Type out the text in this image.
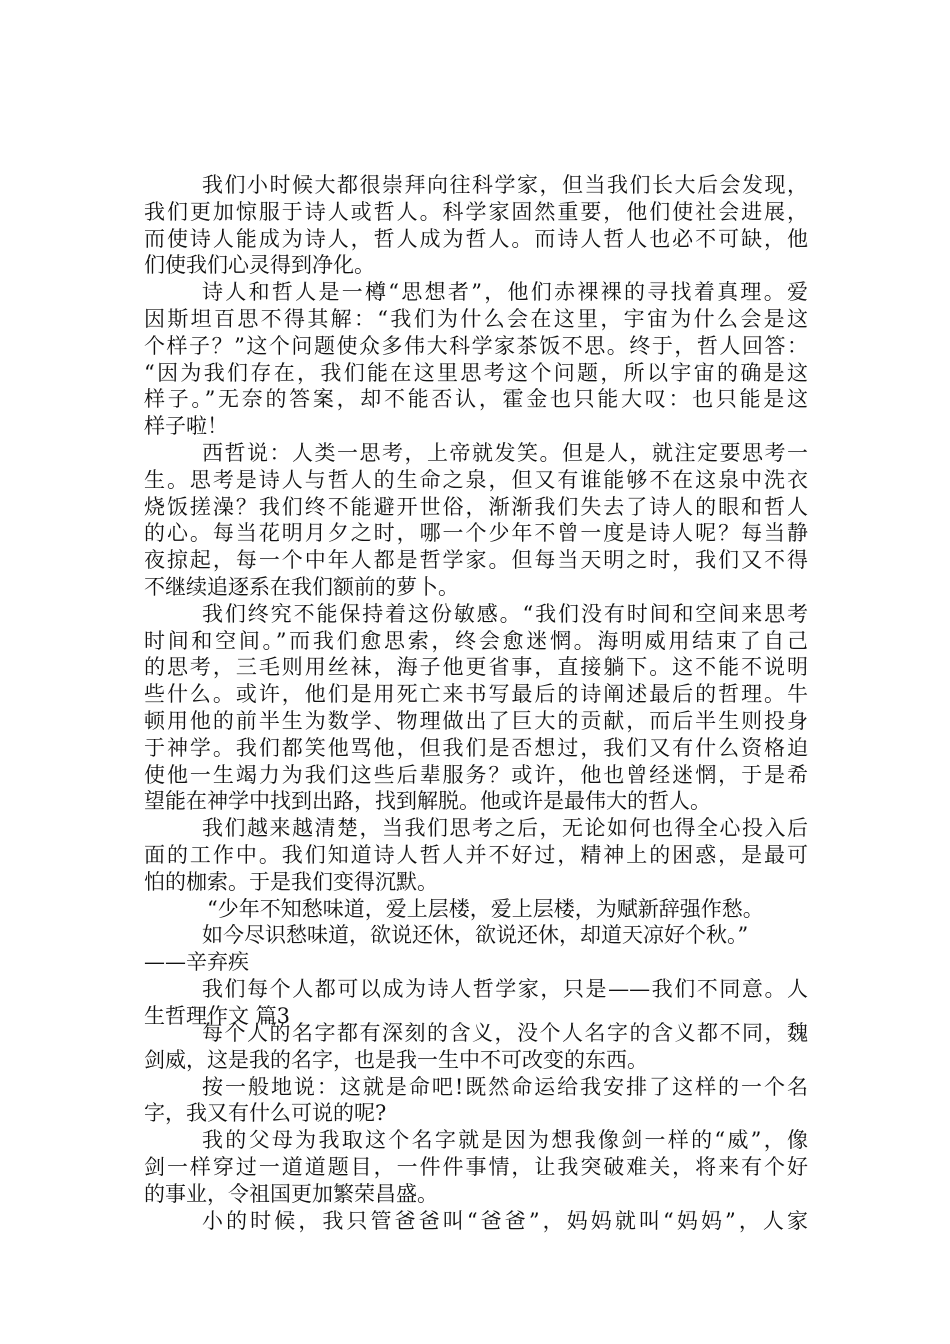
我们小时候大都很崇拜向往科学家，但当我们长大后会发现，
我们更加惊服于诗人或哲人。科学家固然重要，他们使社会进展，
而使诗人能成为诗人，哲人成为哲人。而诗人哲人也必不可缺，他
们使我们心灵得到净化。
诗人和哲人是一樽“思想者”，他们赤裸裸的寻找着真理。爱
因斯坦百思不得其解：“我们为什么会在这里，宇宙为什么会是这
个样子？”这个问题使众多伟大科学家茶饭不思。终于，哲人回答：
“因为我们存在，我们能在这里思考这个问题，所以宇宙的确是这
样子。”无奈的答案，却不能否认，霍金也只能大叹：也只能是这
样子啦！
西哲说：人类一思考，上帝就发笑。但是人，就注定要思考一
生。思考是诗人与哲人的生命之泉，但又有谁能够不在这泉中洗衣
烧饭搓澡？我们终不能避开世俗，渐渐我们失去了诗人的眼和哲人
的心。每当花明月夕之时，哪一个少年不曾一度是诗人呢？每当静
夜掠起，每一个中年人都是哲学家。但每当天明之时，我们又不得
不继续追逐系在我们额前的萝卜。
我们终究不能保持着这份敏感。“我们没有时间和空间来思考
时间和空间。”而我们愈思索，终会愈迷惘。海明威用结束了自己
的思考，三毛则用丝袜，海子他更省事，直接躺下。这不能不说明
些什么。或许，他们是用死亡来书写最后的诗阐述最后的哲理。牛
顿用他的前半生为数学、物理做出了巨大的贡献，而后半生则投身
于神学。我们都笑他骂他，但我们是否想过，我们又有什么资格迫
使他一生竭力为我们这些后辈服务？或许，他也曾经迷惘，于是希
望能在神学中找到出路，找到解脱。他或许是最伟大的哲人。
我们越来越清楚，当我们思考之后，无论如何也得全心投入后
面的工作中。我们知道诗人哲人并不好过，精神上的困惑，是最可
怕的枷索。于是我们变得沉默。
“少年不知愁味道，爱上层楼，爱上层楼，为赋新辞强作愁。
如今尽识愁味道，欲说还休，欲说还休，却道天凉好个秋。”
——辛弃疾
我们每个人都可以成为诗人哲学家，只是——我们不同意。人
生哲理作文 篇3
每个人的名字都有深刻的含义，没个人名字的含义都不同，魏
剑威，这是我的名字，也是我一生中不可改变的东西。
按一般地说：这就是命吧!既然命运给我安排了这样的一个名
字，我又有什么可说的呢?
我的父母为我取这个名字就是因为想我像剑一样的“威”，像
剑一样穿过一道道题目，一件件事情，让我突破难关，将来有个好
的事业，令祖国更加繁荣昌盛。
小的时候，我只管爸爸叫“爸爸”，妈妈就叫“妈妈”，人家
